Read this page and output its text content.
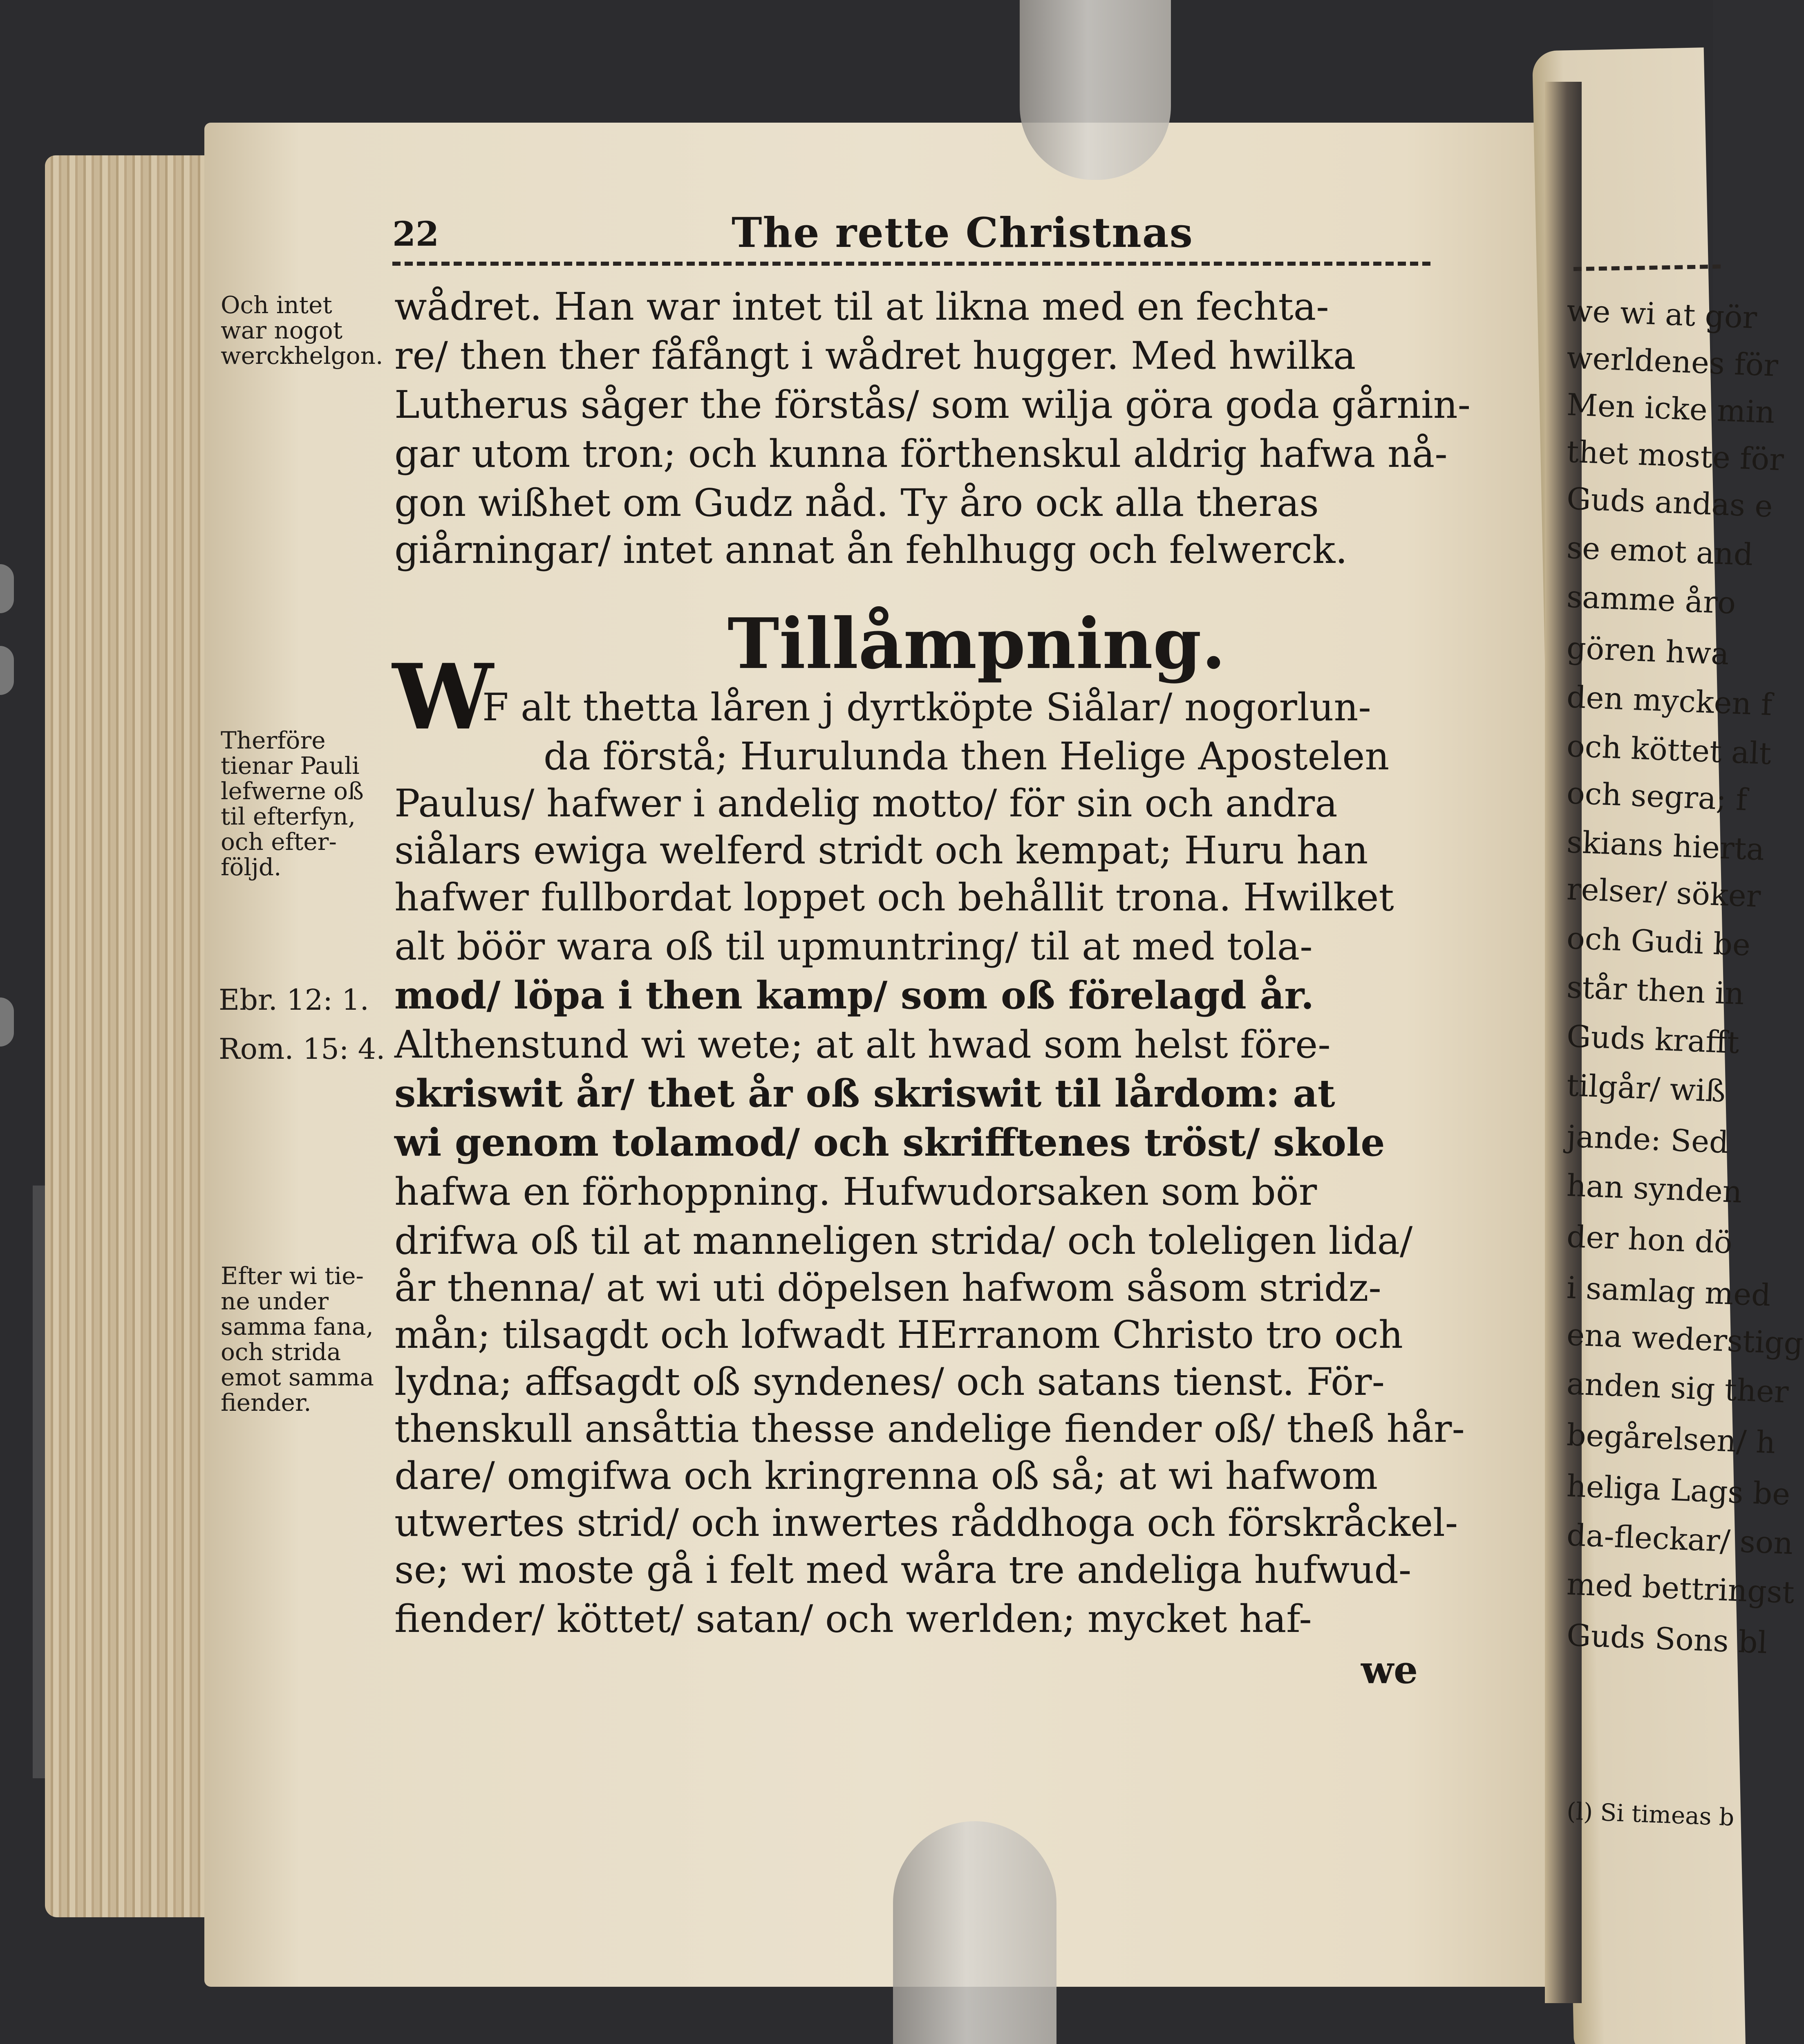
22	The rette Christnas
wådret. Han war intet til at likna med en fechta-
re/ then ther fåfångt i wådret hugger. Med hwilka
Lutherus såger the förstås/ som wilja göra goda gårnin-
gar utom tron; och kunna förthenskul aldrig hafwa nå-
gon wißhet om Gudz nåd. Ty åro ock alla theras
giårningar/ intet annat ån fehlhugg och felwerck.
Tillåmpning.
W
F alt thetta låren j dyrtköpte Siålar/ nogorlun-
da förstå; Hurulunda then Helige Apostelen
Paulus/ hafwer i andelig motto/ för sin och andra
siålars ewiga welferd stridt och kempat; Huru han
hafwer fullbordat loppet och behållit trona. Hwilket
alt böör wara oß til upmuntring/ til at med tola-
mod/ löpa i then kamp/ som oß förelagd år.
Althenstund wi wete; at alt hwad som helst före-
skriswit år/ thet år oß skriswit til lårdom: at
wi genom tolamod/ och skrifftenes tröst/ skole
hafwa en förhoppning. Hufwudorsaken som bör
drifwa oß til at manneligen strida/ och toleligen lida/
år thenna/ at wi uti döpelsen hafwom såsom stridz-
mån; tilsagdt och lofwadt HErranom Christo tro och
lydna; affsagdt oß syndenes/ och satans tienst. För-
thenskull ansåttia thesse andelige fiender oß/ theß hår-
dare/ omgifwa och kringrenna oß så; at wi hafwom
utwertes strid/ och inwertes råddhoga och förskråckel-
se; wi moste gå i felt med wåra tre andeliga hufwud-
fiender/ köttet/ satan/ och werlden; mycket haf-
we
Och intet
war nogot
werckhelgon.
Therföre
tienar Pauli
lefwerne oß
til efterfyn,
och efter-
följd.
Ebr. 12: 1.
Rom. 15: 4.
Efter wi tie-
ne under
samma fana,
och strida
emot samma
fiender.
we wi at gör
werldenes för
Men icke min
thet moste för
Guds andas e
se emot and
samme åro
gören hwa
den mycken f
och köttet alt
och segra; f
skians hierta
relser/ söker
och Gudi be
står then in
Guds krafft
tilgår/ wiß
jande: Sed
han synden
der hon dö
i samlag med
ena wederstigg
anden sig ther
begårelsen/ h
heliga Lags be
da-fleckar/ son
med bettringst
Guds Sons bl
(l) Si timeas b
